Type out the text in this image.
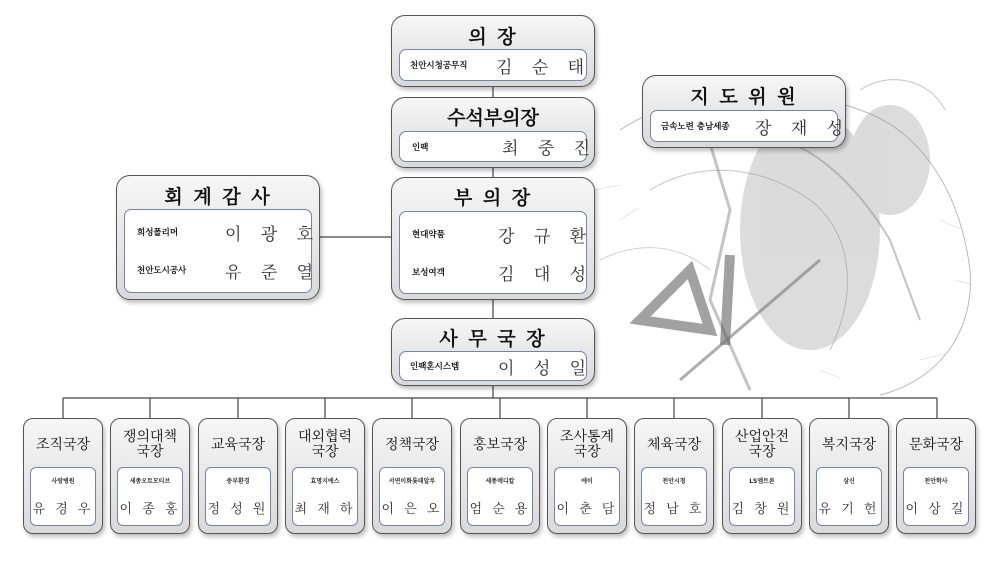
의 장
천안시청공무직 김 순 태
수석부의장
인팩	최 중 진
지 도 위 원
금속노련 충남세종 장 재 성
회 계 감 사
희성폴리머	이 광 호
천안도시공사 유 준 열
부 의 장
현대약품	강 규 환
보성여객	김 대 성
사 무 국 장
인팩혼시스템 이 성 일
조직국장
사랑병원
유 경 우
쟁의대책
국장
세종오토모티브
이 종 홍
교육국장
중부환경
정 성 원
대외협력
국장
효명지에스
최 재 하
정책국장
서연이화롯데알루
이 은 오
홍보국장
세종메디칼
엄 순 용
조사통계
국장
에이
이 춘 담
체육국장
천안시청
정 남 호
산업안전
국장
LS엠트론
김 창 원
복지국장
삼신
유 기 헌
문화국장
천안학사
이 상 길
